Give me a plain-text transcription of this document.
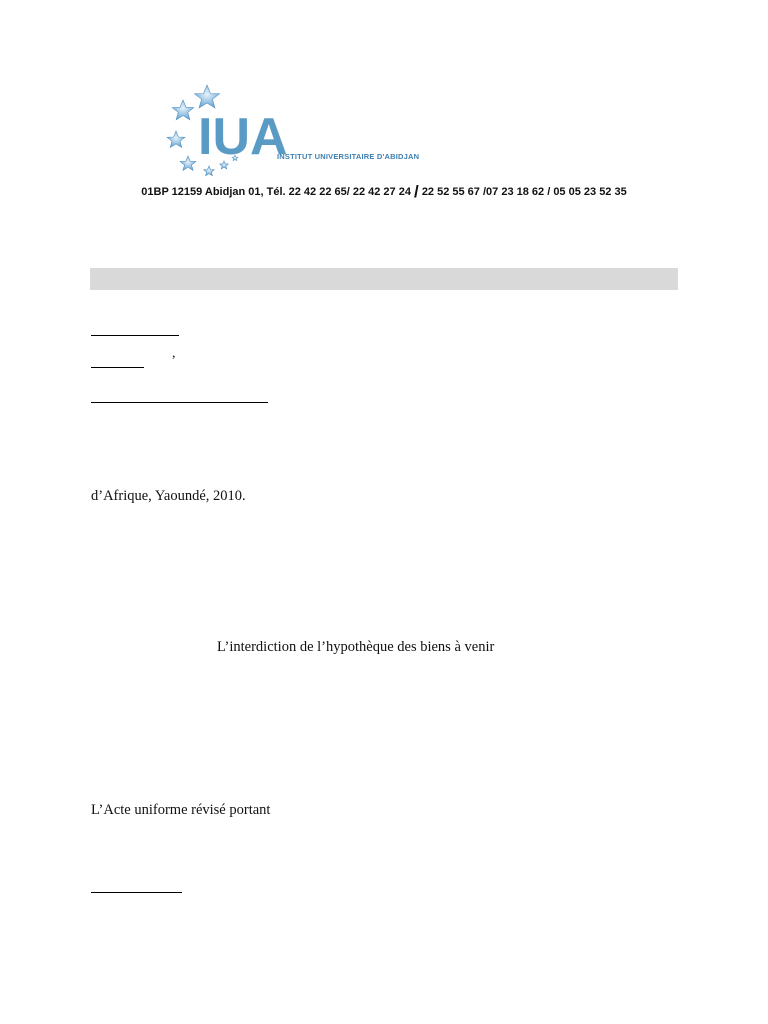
IUA
INSTITUT UNIVERSITAIRE D'ABIDJAN
01BP 12159 Abidjan 01, Tél. 22 42 22 65/ 22 42 27 24 / 22 52 55 67 /07 23 18 62 / 05 05 23 52 35
,
d’Afrique, Yaoundé, 2010.
L’interdiction de l’hypothèque des biens à venir
L’Acte uniforme révisé portant
